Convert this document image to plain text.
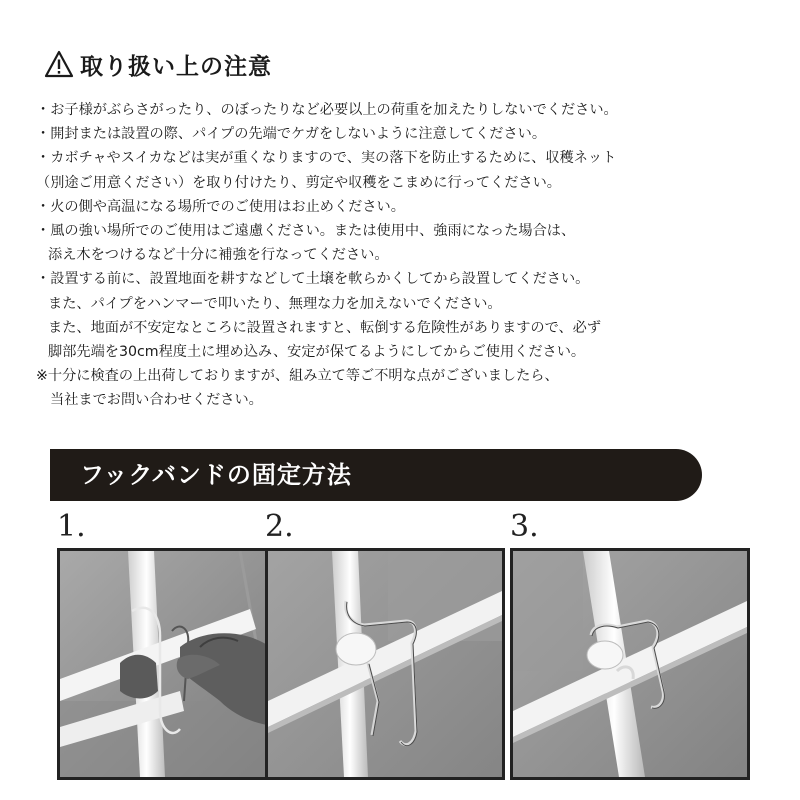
取り扱い上の注意
・お子様がぶらさがったり、のぼったりなど必要以上の荷重を加えたりしないでください。
・開封または設置の際、パイプの先端でケガをしないように注意してください。
・カボチャやスイカなどは実が重くなりますので、実の落下を防止するために、収穫ネット
（別途ご用意ください）を取り付けたり、剪定や収穫をこまめに行ってください。
・火の側や高温になる場所でのご使用はお止めください。
・風の強い場所でのご使用はご遠慮ください。または使用中、強雨になった場合は、
添え木をつけるなど十分に補強を行なってください。
・設置する前に、設置地面を耕すなどして土壌を軟らかくしてから設置してください。
また、パイプをハンマーで叩いたり、無理な力を加えないでください。
また、地面が不安定なところに設置されますと、転倒する危険性がありますので、必ず
脚部先端を30cm程度土に埋め込み、安定が保てるようにしてからご使用ください。
※十分に検査の上出荷しておりますが、組み立て等ご不明な点がございましたら、
当社までお問い合わせください。
フックバンドの固定方法
1.	2.	3.
